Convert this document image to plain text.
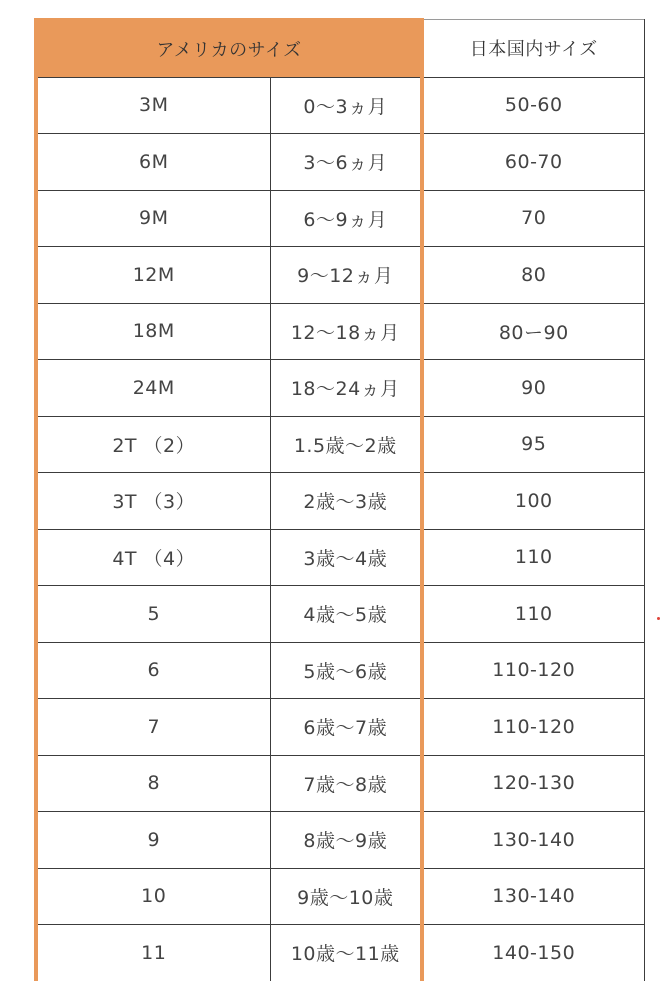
アメリカのサイズ		日本国内サイズ
3M	0〜3ヵ月	50-60
6M	3〜6ヵ月	60-70
9M	6〜9ヵ月	70
12M	9〜12ヵ月	80
18M	12〜18ヵ月	80ー90
24M	18〜24ヵ月	90
2T （2）	1.5歳〜2歳	95
3T （3）	2歳〜3歳	100
4T （4）	3歳〜4歳	110
5	4歳〜5歳	110
6	5歳〜6歳	110-120
7	6歳〜7歳	110-120
8	7歳〜8歳	120-130
9	8歳〜9歳	130-140
10	9歳〜10歳	130-140
11	10歳〜11歳	140-150
